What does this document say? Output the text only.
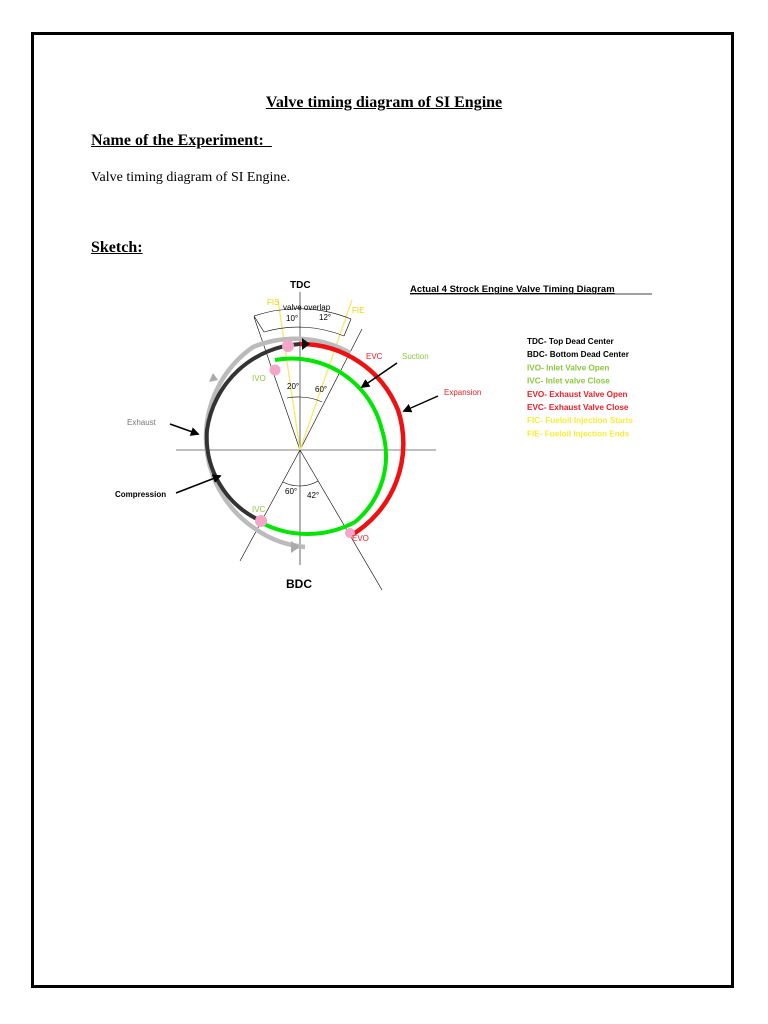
Valve timing diagram of SI Engine
Name of the Experiment:
Valve timing diagram of SI Engine.
Sketch:
TDC
BDC
FIS
FIE
valve overlap
10°	12°
IVO
20° 60°
EVC Suction
Expansion
Exhaust
Compression	60° 42°
IVC
EVO
Actual 4 Strock Engine Valve Timing Diagram
TDC- Top Dead Center
BDC- Bottom Dead Center
IVO- Inlet Valve Open
IVC- Inlet valve Close
EVO- Exhaust Valve Open
EVC- Exhaust Valve Close
FIC- Fueloil Injection Starts
FIE- Fueloil Injection Ends
